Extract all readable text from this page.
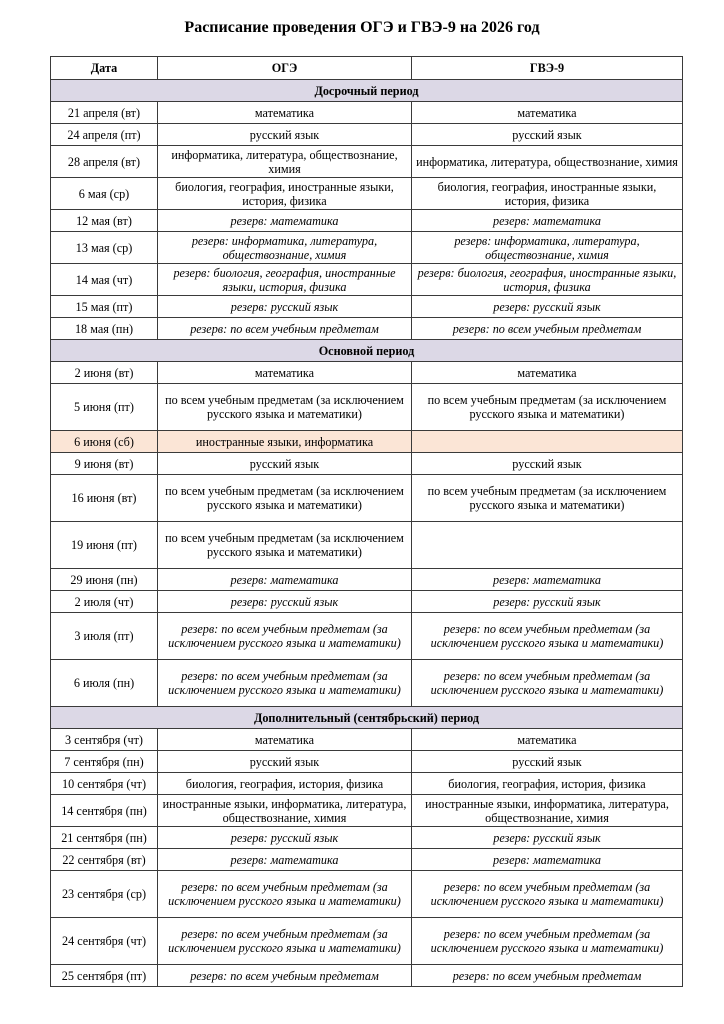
Расписание проведения ОГЭ и ГВЭ-9 на 2026 год
Дата	ОГЭ	ГВЭ-9
Досрочный период		
21 апреля (вт)	математика	математика
24 апреля (пт)	русский язык	русский язык
28 апреля (вт)	информатика, литература, обществознание, химия	информатика, литература, обществознание, химия
6 мая (ср)	биология, география, иностранные языки, история, физика	биология, география, иностранные языки, история, физика
12 мая (вт)	резерв: математика	резерв: математика
13 мая (ср)	резерв: информатика, литература, обществознание, химия	резерв: информатика, литература, обществознание, химия
14 мая (чт)	резерв: биология, география, иностранные языки, история, физика	резерв: биология, география, иностранные языки, история, физика
15 мая (пт)	резерв: русский язык	резерв: русский язык
18 мая (пн)	резерв: по всем учебным предметам	резерв: по всем учебным предметам
Основной период		
2 июня (вт)	математика	математика
5 июня (пт)	по всем учебным предметам (за исключением русского языка и математики)	по всем учебным предметам (за исключением русского языка и математики)
6 июня (сб)	иностранные языки, информатика	
9 июня (вт)	русский язык	русский язык
16 июня (вт)	по всем учебным предметам (за исключением русского языка и математики)	по всем учебным предметам (за исключением русского языка и математики)
19 июня (пт)	по всем учебным предметам (за исключением русского языка и математики)	
29 июня (пн)	резерв: математика	резерв: математика
2 июля (чт)	резерв: русский язык	резерв: русский язык
3 июля (пт)	резерв: по всем учебным предметам (за исключением русского языка и математики)	резерв: по всем учебным предметам (за исключением русского языка и математики)
6 июля (пн)	резерв: по всем учебным предметам (за исключением русского языка и математики)	резерв: по всем учебным предметам (за исключением русского языка и математики)
Дополнительный (сентябрьский) период		
3 сентября (чт)	математика	математика
7 сентября (пн)	русский язык	русский язык
10 сентября (чт)	биология, география, история, физика	биология, география, история, физика
14 сентября (пн)	иностранные языки, информатика, литература, обществознание, химия	иностранные языки, информатика, литература, обществознание, химия
21 сентября (пн)	резерв: русский язык	резерв: русский язык
22 сентября (вт)	резерв: математика	резерв: математика
23 сентября (ср)	резерв: по всем учебным предметам (за исключением русского языка и математики)	резерв: по всем учебным предметам (за исключением русского языка и математики)
24 сентября (чт)	резерв: по всем учебным предметам (за исключением русского языка и математики)	резерв: по всем учебным предметам (за исключением русского языка и математики)
25 сентября (пт)	резерв: по всем учебным предметам	резерв: по всем учебным предметам
